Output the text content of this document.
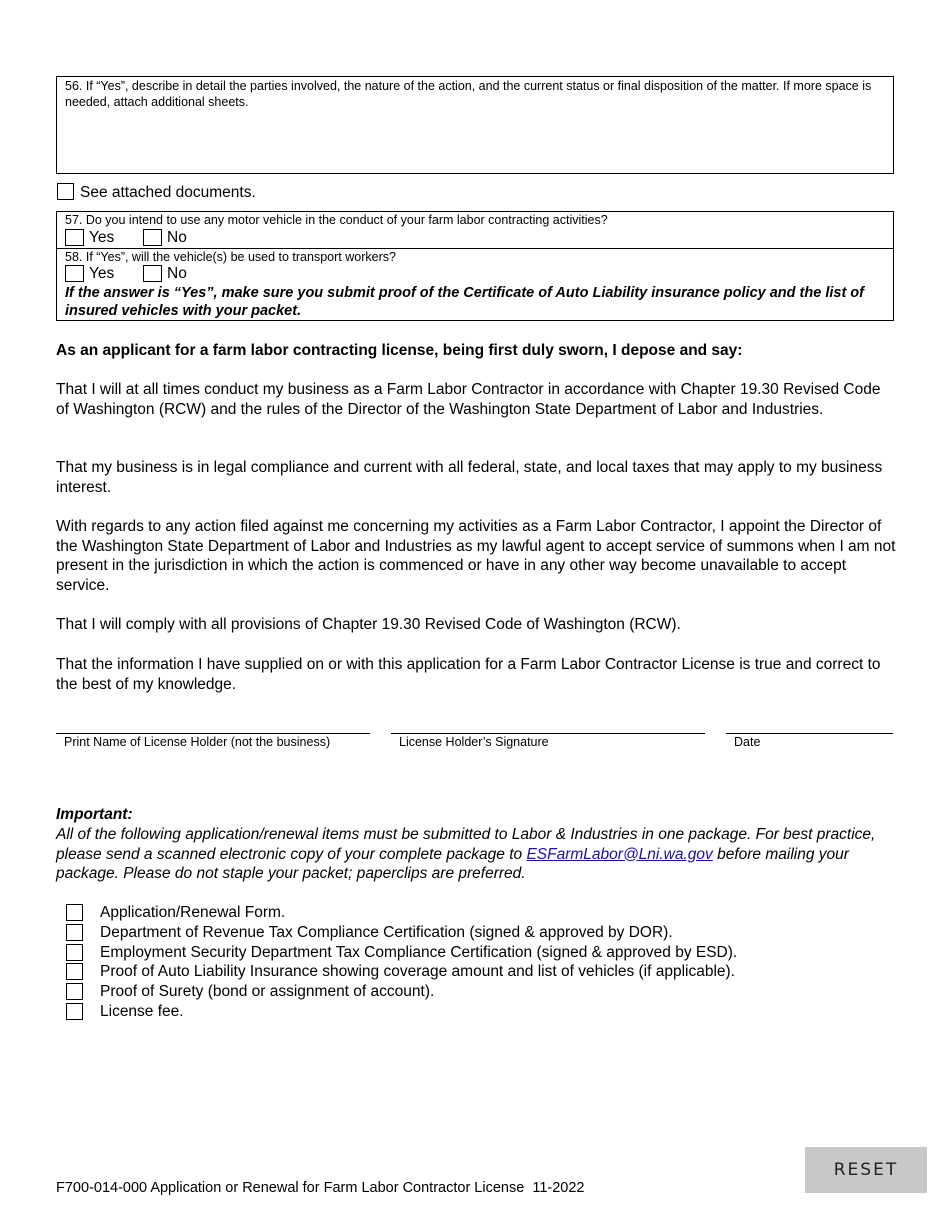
56. If “Yes”, describe in detail the parties involved, the nature of the action, and the current status or final disposition of the matter. If more space is needed, attach additional sheets.
See attached documents.
57. Do you intend to use any motor vehicle in the conduct of your farm labor contracting activities?
Yes	No
58. If “Yes”, will the vehicle(s) be used to transport workers?
Yes	No
If the answer is “Yes”, make sure you submit proof of the Certificate of Auto Liability insurance policy and the list of insured vehicles with your packet.
As an applicant for a farm labor contracting license, being first duly sworn, I depose and say:

That I will at all times conduct my business as a Farm Labor Contractor in accordance with Chapter 19.30 Revised Code of Washington (RCW) and the rules of the Director of the Washington State Department of Labor and Industries.

That my business is in legal compliance and current with all federal, state, and local taxes that may apply to my business interest.

With regards to any action filed against me concerning my activities as a Farm Labor Contractor, I appoint the Director of the Washington State Department of Labor and Industries as my lawful agent to accept service of summons when I am not present in the jurisdiction in which the action is commenced or have in any other way become unavailable to accept service.

That I will comply with all provisions of Chapter 19.30 Revised Code of Washington (RCW).

That the information I have supplied on or with this application for a Farm Labor Contractor License is true and correct to the best of my knowledge.

Print Name of License Holder (not the business)	License Holder’s Signature	Date
Important:

All of the following application/renewal items must be submitted to Labor & Industries in one package. For best practice, please send a scanned electronic copy of your complete package to ESFarmLabor@Lni.wa.gov before mailing your package. Please do not staple your packet; paperclips are preferred.

Application/Renewal Form.
Department of Revenue Tax Compliance Certification (signed & approved by DOR).
Employment Security Department Tax Compliance Certification (signed & approved by ESD).
Proof of Auto Liability Insurance showing coverage amount and list of vehicles (if applicable).
Proof of Surety (bond or assignment of account).
License fee.
RESET
F700-014-000 Application or Renewal for Farm Labor Contractor License  11-2022
